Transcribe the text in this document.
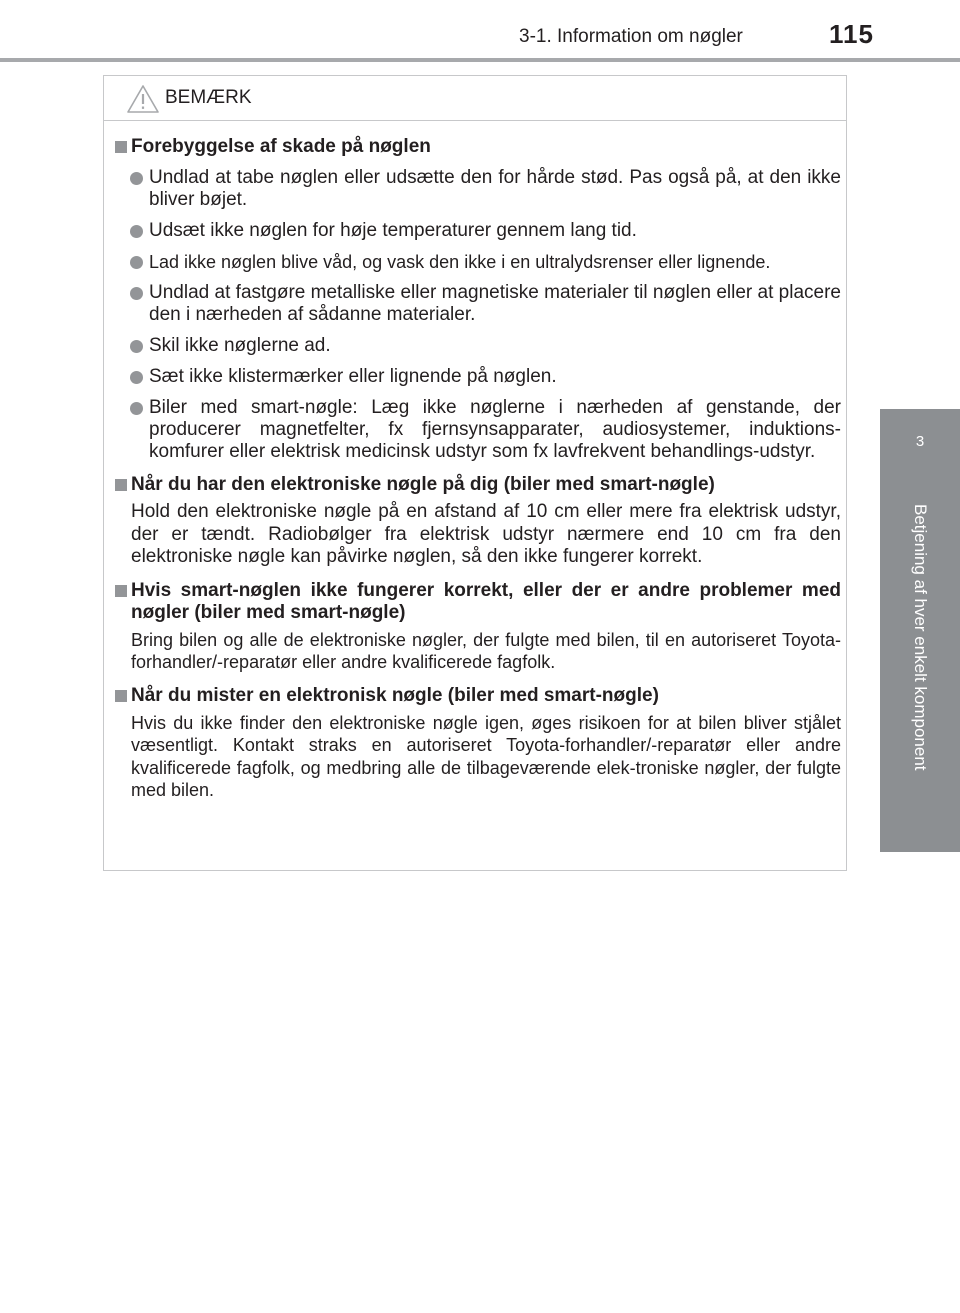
3-1. Information om nøgler	115
3
Betjening af hver enkelt komponent
BEMÆRK
Forebyggelse af skade på nøglen
Undlad at tabe nøglen eller udsætte den for hårde stød. Pas også på, at den ikke bliver bøjet.
Udsæt ikke nøglen for høje temperaturer gennem lang tid.
Lad ikke nøglen blive våd, og vask den ikke i en ultralydsrenser eller lignende.
Undlad at fastgøre metalliske eller magnetiske materialer til nøglen eller at placere den i nærheden af sådanne materialer.
Skil ikke nøglerne ad.
Sæt ikke klistermærker eller lignende på nøglen.
Biler med smart-nøgle: Læg ikke nøglerne i nærheden af genstande, der producerer magnetfelter, fx fjernsynsapparater, audiosystemer, induktions-komfurer eller elektrisk medicinsk udstyr som fx lavfrekvent behandlings-udstyr.
Når du har den elektroniske nøgle på dig (biler med smart-nøgle)
Hold den elektroniske nøgle på en afstand af 10 cm eller mere fra elektrisk udstyr, der er tændt. Radiobølger fra elektrisk udstyr nærmere end 10 cm fra den elektroniske nøgle kan påvirke nøglen, så den ikke fungerer korrekt.
Hvis smart-nøglen ikke fungerer korrekt, eller der er andre problemer med nøgler (biler med smart-nøgle)
Bring bilen og alle de elektroniske nøgler, der fulgte med bilen, til en autoriseret Toyota-forhandler/-reparatør eller andre kvalificerede fagfolk.
Når du mister en elektronisk nøgle (biler med smart-nøgle)
Hvis du ikke finder den elektroniske nøgle igen, øges risikoen for at bilen bliver stjålet væsentligt. Kontakt straks en autoriseret Toyota-forhandler/-reparatør eller andre kvalificerede fagfolk, og medbring alle de tilbageværende elek-troniske nøgler, der fulgte med bilen.
